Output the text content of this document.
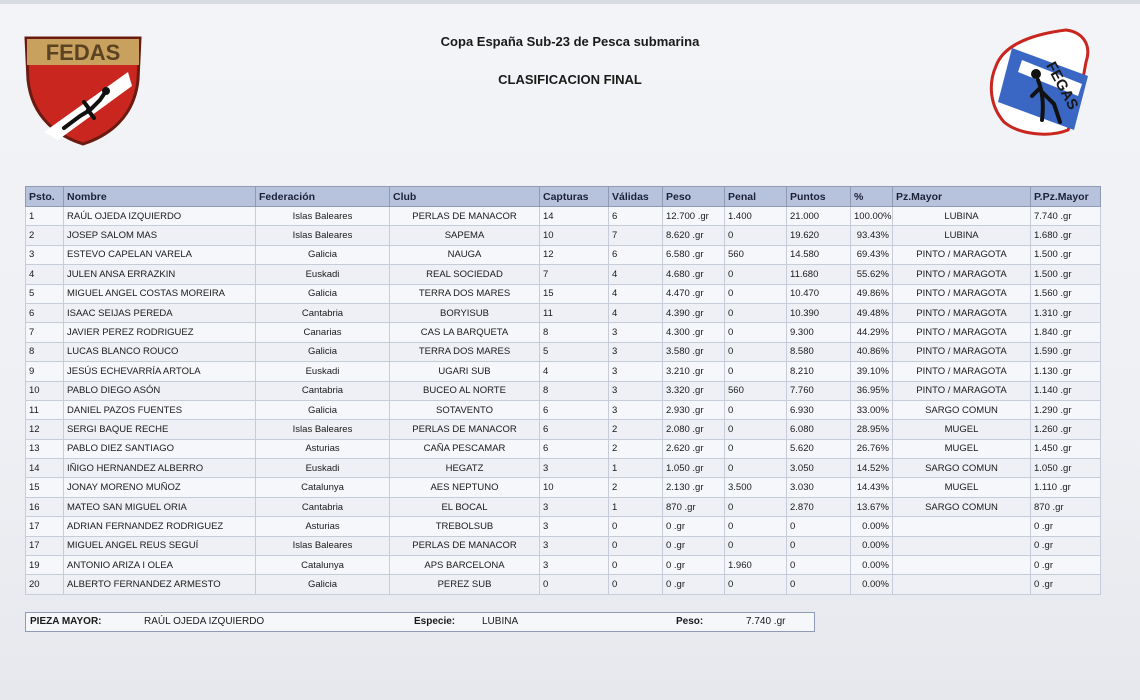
FEDAS	Copa España Sub-23 de Pesca submarina
CLASIFICACION FINAL	FEGAS
Psto.	Nombre	Federación	Club	Capturas	Válidas	Peso	Penal	Puntos	%	Pz.Mayor	P.Pz.Mayor
1	RAÚL OJEDA IZQUIERDO	Islas Baleares	PERLAS DE MANACOR	14	6	12.700 .gr	1.400	21.000	100.00%	LUBINA	7.740 .gr
2	JOSEP SALOM MAS	Islas Baleares	SAPEMA	10	7	8.620 .gr	0	19.620	93.43%	LUBINA	1.680 .gr
3	ESTEVO CAPELAN VARELA	Galicia	NAUGA	12	6	6.580 .gr	560	14.580	69.43%	PINTO / MARAGOTA	1.500 .gr
4	JULEN ANSA ERRAZKIN	Euskadi	REAL SOCIEDAD	7	4	4.680 .gr	0	11.680	55.62%	PINTO / MARAGOTA	1.500 .gr
5	MIGUEL ANGEL COSTAS MOREIRA	Galicia	TERRA DOS MARES	15	4	4.470 .gr	0	10.470	49.86%	PINTO / MARAGOTA	1.560 .gr
6	ISAAC SEIJAS PEREDA	Cantabria	BORYISUB	11	4	4.390 .gr	0	10.390	49.48%	PINTO / MARAGOTA	1.310 .gr
7	JAVIER PEREZ RODRIGUEZ	Canarias	CAS LA BARQUETA	8	3	4.300 .gr	0	9.300	44.29%	PINTO / MARAGOTA	1.840 .gr
8	LUCAS BLANCO ROUCO	Galicia	TERRA DOS MARES	5	3	3.580 .gr	0	8.580	40.86%	PINTO / MARAGOTA	1.590 .gr
9	JESÚS ECHEVARRÍA ARTOLA	Euskadi	UGARI SUB	4	3	3.210 .gr	0	8.210	39.10%	PINTO / MARAGOTA	1.130 .gr
10	PABLO DIEGO ASÓN	Cantabria	BUCEO AL NORTE	8	3	3.320 .gr	560	7.760	36.95%	PINTO / MARAGOTA	1.140 .gr
11	DANIEL PAZOS FUENTES	Galicia	SOTAVENTO	6	3	2.930 .gr	0	6.930	33.00%	SARGO COMUN	1.290 .gr
12	SERGI BAQUE RECHE	Islas Baleares	PERLAS DE MANACOR	6	2	2.080 .gr	0	6.080	28.95%	MUGEL	1.260 .gr
13	PABLO DIEZ SANTIAGO	Asturias	CAÑA PESCAMAR	6	2	2.620 .gr	0	5.620	26.76%	MUGEL	1.450 .gr
14	IÑIGO HERNANDEZ ALBERRO	Euskadi	HEGATZ	3	1	1.050 .gr	0	3.050	14.52%	SARGO COMUN	1.050 .gr
15	JONAY MORENO MUÑOZ	Catalunya	AES NEPTUNO	10	2	2.130 .gr	3.500	3.030	14.43%	MUGEL	1.110 .gr
16	MATEO SAN MIGUEL ORIA	Cantabria	EL BOCAL	3	1	870 .gr	0	2.870	13.67%	SARGO COMUN	870 .gr
17	ADRIAN FERNANDEZ RODRIGUEZ	Asturias	TREBOLSUB	3	0	0 .gr	0	0	0.00%		0 .gr
17	MIGUEL ANGEL REUS SEGUÍ	Islas Baleares	PERLAS DE MANACOR	3	0	0 .gr	0	0	0.00%		0 .gr
19	ANTONIO ARIZA I OLEA	Catalunya	APS BARCELONA	3	0	0 .gr	1.960	0	0.00%		0 .gr
20	ALBERTO FERNANDEZ ARMESTO	Galicia	PEREZ SUB	0	0	0 .gr	0	0	0.00%		0 .gr
PIEZA MAYOR:	RAÚL OJEDA IZQUIERDO	Especie:	LUBINA	Peso:	7.740 .gr
